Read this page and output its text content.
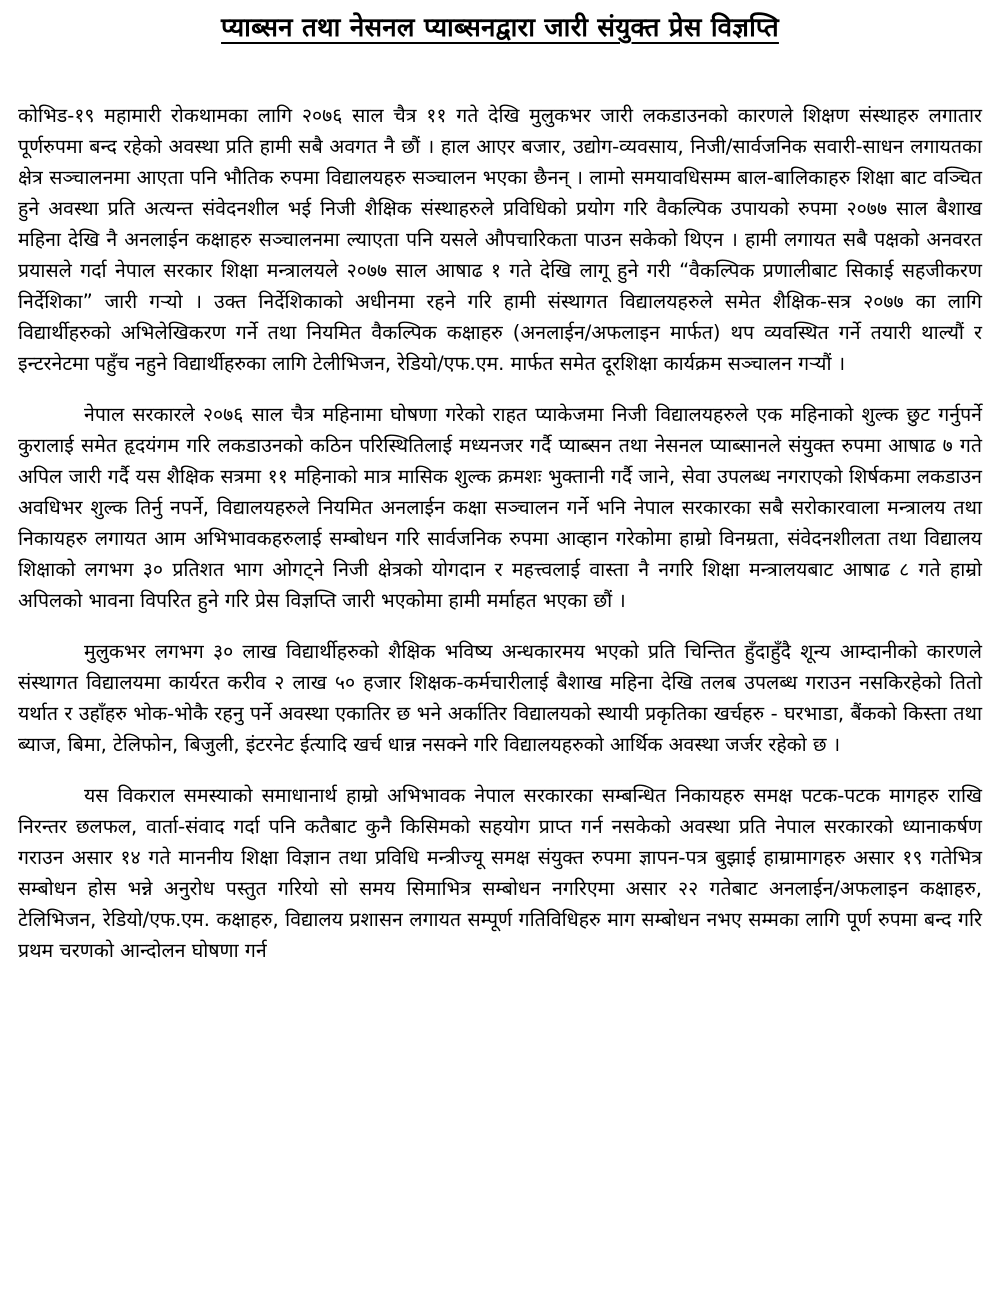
प्याब्सन तथा नेसनल प्याब्सनद्वारा जारी संयुक्त प्रेस विज्ञप्ति

कोभिड-१९ महामारी रोकथामका लागि २०७६ साल चैत्र ११ गते देखि मुलुकभर जारी लकडाउनको कारणले शिक्षण संस्थाहरु लगातार पूर्णरुपमा बन्द रहेको अवस्था प्रति हामी सबै अवगत नै छौं । हाल आएर बजार, उद्योग-व्यवसाय, निजी/सार्वजनिक सवारी-साधन लगायतका क्षेत्र सञ्चालनमा आएता पनि भौतिक रुपमा विद्यालयहरु सञ्चालन भएका छैनन् । लामो समयावधिसम्म बाल-बालिकाहरु शिक्षा बाट वञ्चित हुने अवस्था प्रति अत्यन्त संवेदनशील भई निजी शैक्षिक संस्थाहरुले प्रविधिको प्रयोग गरि वैकल्पिक उपायको रुपमा २०७७ साल बैशाख महिना देखि नै अनलाईन कक्षाहरु सञ्चालनमा ल्याएता पनि यसले औपचारिकता पाउन सकेको थिएन । हामी लगायत सबै पक्षको अनवरत प्रयासले गर्दा नेपाल सरकार शिक्षा मन्त्रालयले २०७७ साल आषाढ १ गते देखि लागू हुने गरी “वैकल्पिक प्रणालीबाट सिकाई सहजीकरण निर्देशिका” जारी गऱ्यो । उक्त निर्देशिकाको अधीनमा रहने गरि हामी संस्थागत विद्यालयहरुले समेत शैक्षिक-सत्र २०७७ का लागि विद्यार्थीहरुको अभिलेखिकरण गर्ने तथा नियमित वैकल्पिक कक्षाहरु (अनलाईन/अफलाइन मार्फत) थप व्यवस्थित गर्ने तयारी थाल्यौं र इन्टरनेटमा पहुँच नहुने विद्यार्थीहरुका लागि टेलीभिजन, रेडियो/एफ.एम. मार्फत समेत दूरशिक्षा कार्यक्रम सञ्चालन गऱ्यौं ।

नेपाल सरकारले २०७६ साल चैत्र महिनामा घोषणा गरेको राहत प्याकेजमा निजी विद्यालयहरुले एक महिनाको शुल्क छुट गर्नुपर्ने कुरालाई समेत हृदयंगम गरि लकडाउनको कठिन परिस्थितिलाई मध्यनजर गर्दै प्याब्सन तथा नेसनल प्याब्सानले संयुक्त रुपमा आषाढ ७ गते अपिल जारी गर्दै यस शैक्षिक सत्रमा ११ महिनाको मात्र मासिक शुल्क क्रमशः भुक्तानी गर्दै जाने, सेवा उपलब्ध नगराएको शिर्षकमा लकडाउन अवधिभर शुल्क तिर्नु नपर्ने, विद्यालयहरुले नियमित अनलाईन कक्षा सञ्चालन गर्ने भनि नेपाल सरकारका सबै सरोकारवाला मन्त्रालय तथा निकायहरु लगायत आम अभिभावकहरुलाई सम्बोधन गरि सार्वजनिक रुपमा आव्हान गरेकोमा हाम्रो विनम्रता, संवेदनशीलता तथा विद्यालय शिक्षाको लगभग ३० प्रतिशत भाग ओगट्ने निजी क्षेत्रको योगदान र महत्त्वलाई वास्ता नै नगरि शिक्षा मन्त्रालयबाट आषाढ ८ गते हाम्रो अपिलको भावना विपरित हुने गरि प्रेस विज्ञप्ति जारी भएकोमा हामी मर्माहत भएका छौं ।

मुलुकभर लगभग ३० लाख विद्यार्थीहरुको शैक्षिक भविष्य अन्धकारमय भएको प्रति चिन्तित हुँदाहुँदै शून्य आम्दानीको कारणले संस्थागत विद्यालयमा कार्यरत करीव २ लाख ५० हजार शिक्षक-कर्मचारीलाई बैशाख महिना देखि तलब उपलब्ध गराउन नसकिरहेको तितो यर्थात र उहाँहरु भोक-भोकै रहनु पर्ने अवस्था एकातिर छ भने अर्कातिर विद्यालयको स्थायी प्रकृतिका खर्चहरु - घरभाडा, बैंकको किस्ता तथा ब्याज, बिमा, टेलिफोन, बिजुली, इंटरनेट ईत्यादि खर्च धान्न नसक्ने गरि विद्यालयहरुको आर्थिक अवस्था जर्जर रहेको छ ।

यस विकराल समस्याको समाधानार्थ हाम्रो अभिभावक नेपाल सरकारका सम्बन्धित निकायहरु समक्ष पटक-पटक मागहरु राखि निरन्तर छलफल, वार्ता-संवाद गर्दा पनि कतैबाट कुनै किसिमको सहयोग प्राप्त गर्न नसकेको अवस्था प्रति नेपाल सरकारको ध्यानाकर्षण गराउन असार १४ गते माननीय शिक्षा विज्ञान तथा प्रविधि मन्त्रीज्यू समक्ष संयुक्त रुपमा ज्ञापन-पत्र बुझाई हाम्रामागहरु असार १९ गतेभित्र सम्बोधन होस भन्ने अनुरोध पस्तुत गरियो सो समय सिमाभित्र सम्बोधन नगरिएमा असार २२ गतेबाट अनलाईन/अफलाइन कक्षाहरु, टेलिभिजन, रेडियो/एफ.एम. कक्षाहरु, विद्यालय प्रशासन लगायत सम्पूर्ण गतिविधिहरु माग सम्बोधन नभए सम्मका लागि पूर्ण रुपमा बन्द गरि प्रथम चरणको आन्दोलन घोषणा गर्न
